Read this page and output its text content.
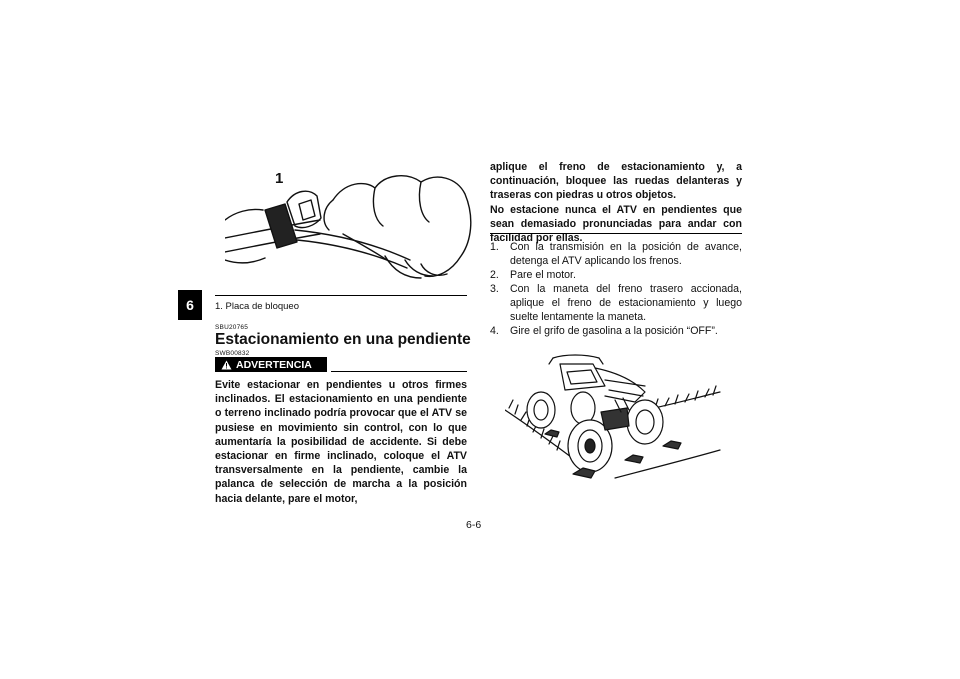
6
1
1. Placa de bloqueo
SBU20765
Estacionamiento en una pendiente
SWB00832
ADVERTENCIA

Evite estacionar en pendientes u otros firmes inclinados. El estacionamiento en una pendiente o terreno inclinado podría provocar que el ATV se pusiese en movimiento sin control, con lo que aumentaría la posibilidad de accidente. Si debe estacionar en firme inclinado, coloque el ATV transversalmente en la pendiente, cambie la palanca de selección de marcha a la posición hacia delante, pare el motor,

aplique el freno de estacionamiento y, a continuación, bloquee las ruedas delanteras y traseras con piedras u otros objetos.

No estacione nunca el ATV en pendientes que sean demasiado pronunciadas para andar con facilidad por ellas.

1. Con la transmisión en la posición de avance, detenga el ATV aplicando los frenos.
2. Pare el motor.
3. Con la maneta del freno trasero accionada, aplique el freno de estacionamiento y luego suelte lentamente la maneta.
4. Gire el grifo de gasolina a la posición “OFF”.
6-6
